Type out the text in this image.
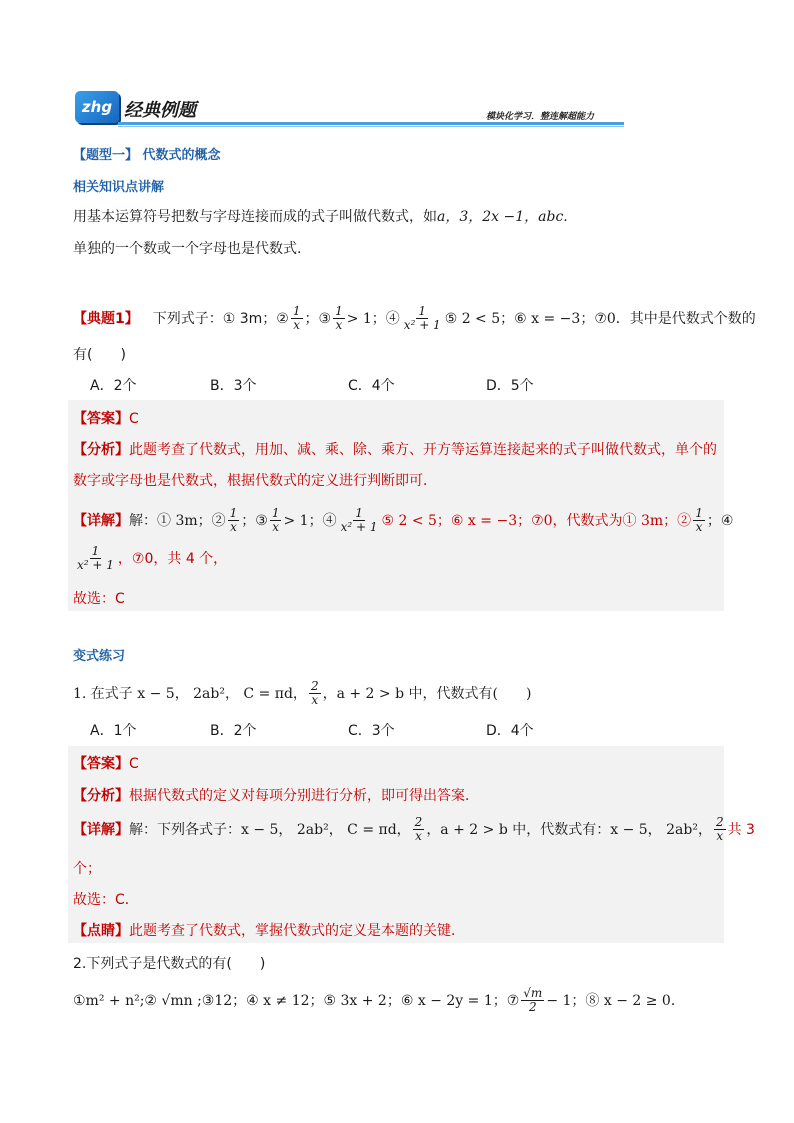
zhg 经典例题	模块化学习．整连解超能力
【题型一】 代数式的概念
相关知识点讲解
用基本运算符号把数与字母连接而成的式子叫做代数式，如a，3，2x −1，abc.
单独的一个数或一个字母也是代数式.
【典题1】 下列式子：① 3m；② $\frac{1}{x}$ ；③ $\frac{1}{x} > 1$；④ $\frac{1}{\text{x² + 1}}$ ⑤ 2 < 5；⑥ x = −3；⑦0．其中是代数式个数的
有(　　)
A．2个	B．3个	C．4个	D．5个
【答案】C
【分析】此题考查了代数式，用加、减、乘、除、乘方、开方等运算连接起来的式子叫做代数式，单个的
数字或字母也是代数式，根据代数式的定义进行判断即可．
【详解】 解：① 3m；② $\frac{1}{x}$ ；③ $\frac{1}{x} > 1$；④ $\frac{1}{\text{x² + 1}}$ ⑤ 2 < 5；⑥ x = −3；⑦0，代数式为① 3m；② $\frac{1}{x}$ ；④
$\frac{1}{\text{x² + 1}}$ ，⑦0，共 4 个，
故选：C
变式练习
1. 在式子 x − 5， 2ab²， C = πd， $\frac{2}{x}$ ，a + 2 > b 中，代数式有(　　)
A．1个	B．2个	C．3个	D．4个
【答案】C
【分析】根据代数式的定义对每项分别进行分析，即可得出答案．
【详解】 解：下列各式子：x − 5， 2ab²， C = πd， $\frac{2}{x}$ ，a + 2 > b 中，代数式有：x − 5， 2ab²， $\frac{2}{x}$ 共 3
个；
故选：C．
【点睛】此题考查了代数式，掌握代数式的定义是本题的关键．
2.下列式子是代数式的有(　　)
①m² + n²;② √mn ;③12；④ x ≠ 12；⑤ 3x + 2；⑥ x − 2y = 1；⑦ $\frac{√m}{2} - 1$；⑧ x − 2 ≥ 0．
